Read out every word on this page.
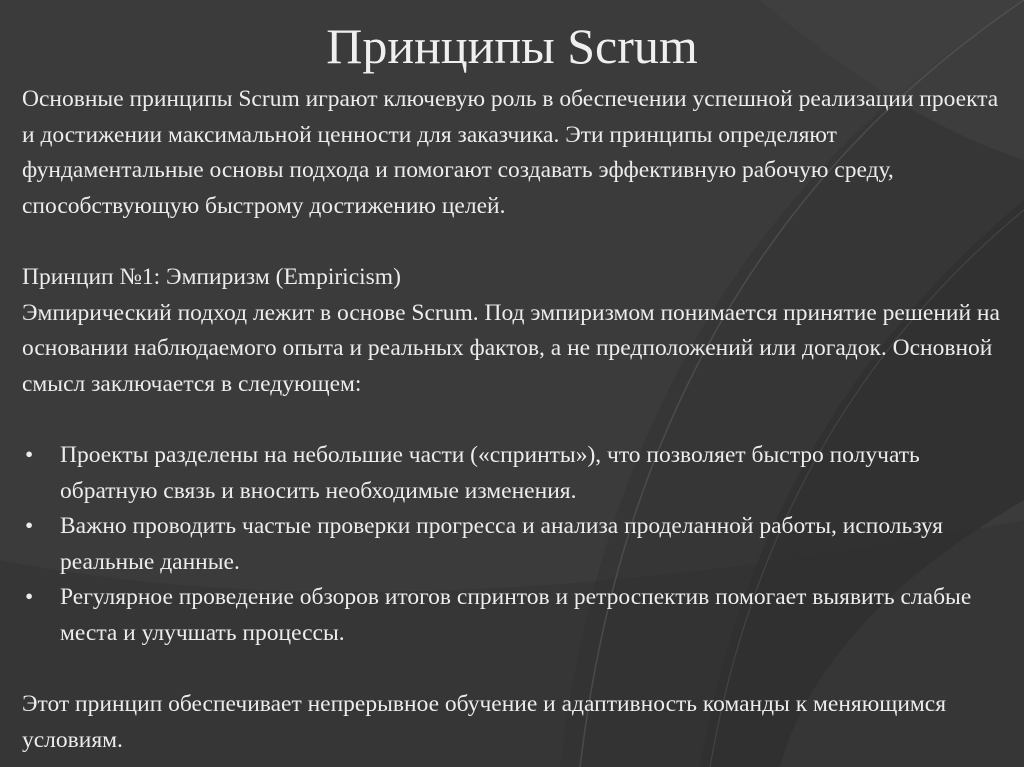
Принципы Scrum

Основные принципы Scrum играют ключевую роль в обеспечении успешной реализации проекта и достижении максимальной ценности для заказчика. Эти принципы определяют фундаментальные основы подхода и помогают создавать эффективную рабочую среду, способствующую быстрому достижению целей.

Принцип №1: Эмпиризм (Empiricism)

Эмпирический подход лежит в основе Scrum. Под эмпиризмом понимается принятие решений на основании наблюдаемого опыта и реальных фактов, а не предположений или догадок. Основной смысл заключается в следующем:

• Проекты разделены на небольшие части («спринты»), что позволяет быстро получать обратную связь и вносить необходимые изменения.
• Важно проводить частые проверки прогресса и анализа проделанной работы, используя реальные данные.
• Регулярное проведение обзоров итогов спринтов и ретроспектив помогает выявить слабые места и улучшать процессы.

Этот принцип обеспечивает непрерывное обучение и адаптивность команды к меняющимся условиям.
